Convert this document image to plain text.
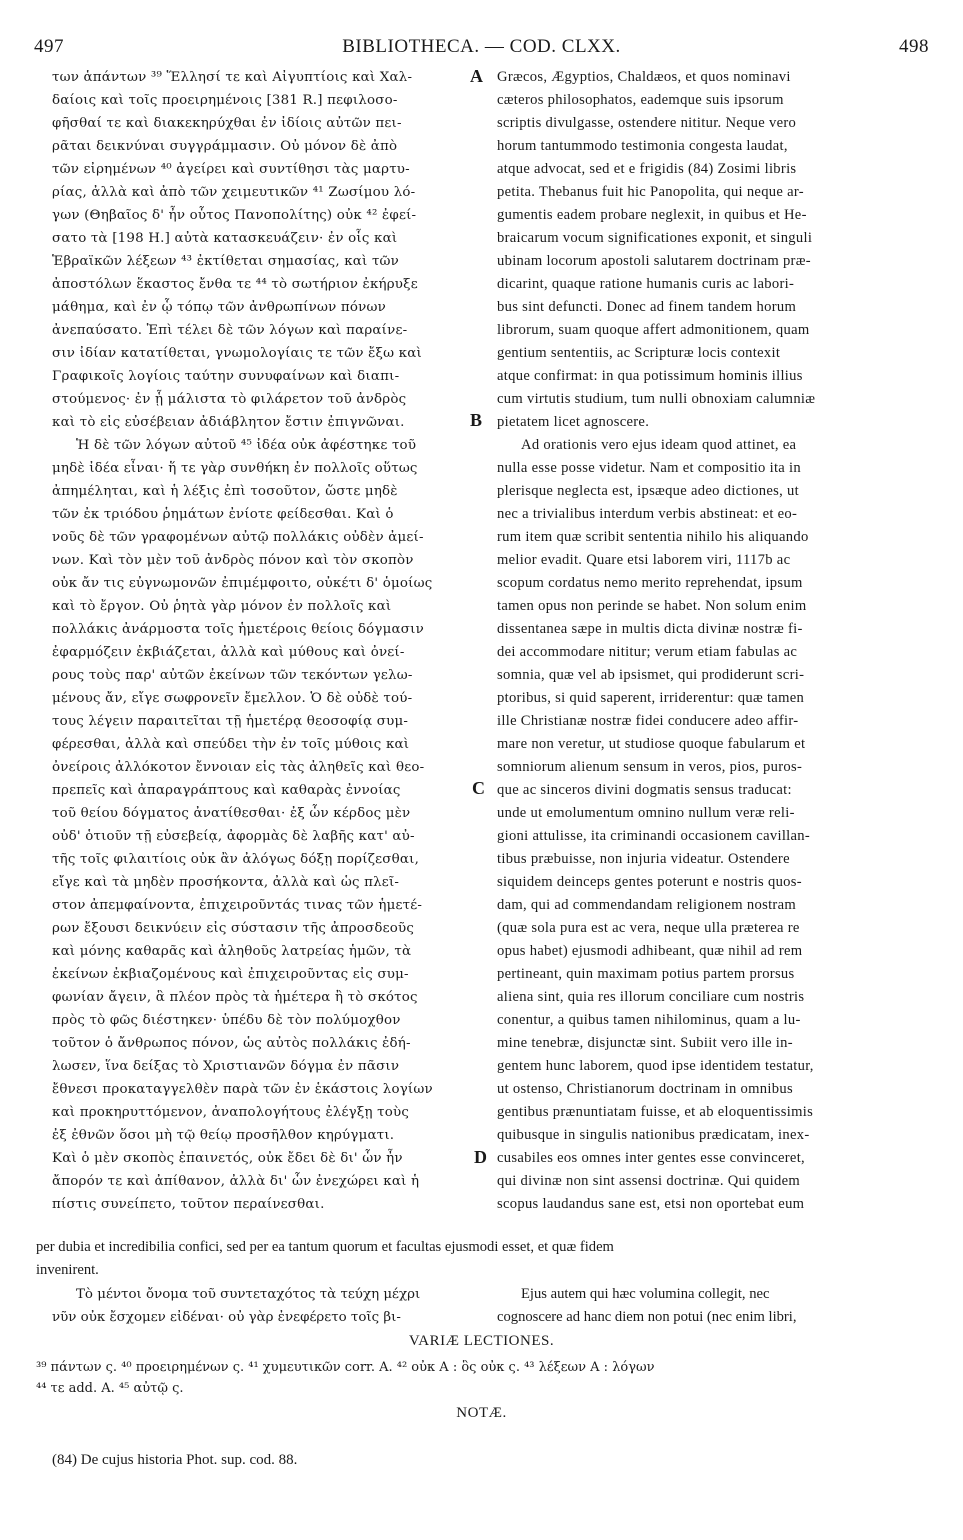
497	BIBLIOTHECA. — COD. CLXX.	498
των ἁπάντων ³⁹ Ἕλλησί τε καὶ Αἰγυπτίοις καὶ Χαλ-
δαίοις καὶ τοῖς προειρημένοις [381 R.] πεφιλοσο-
φῆσθαί τε καὶ διακεκηρύχθαι ἐν ἰδίοις αὐτῶν πει-
ρᾶται δεικνύναι συγγράμμασιν. Οὐ μόνον δὲ ἀπὸ
τῶν εἰρημένων ⁴⁰ ἀγείρει καὶ συντίθησι τὰς μαρτυ-
ρίας, ἀλλὰ καὶ ἀπὸ τῶν χειμευτικῶν ⁴¹ Ζωσίμου λό-
γων (Θηβαῖος δ' ἦν οὗτος Πανοπολίτης) οὐκ ⁴² ἐφεί-
σατο τὰ [198 H.] αὐτὰ κατασκευάζειν· ἐν οἷς καὶ
Ἑβραϊκῶν λέξεων ⁴³ ἐκτίθεται σημασίας, καὶ τῶν
ἀποστόλων ἕκαστος ἔνθα τε ⁴⁴ τὸ σωτήριον ἐκήρυξε
μάθημα, καὶ ἐν ᾧ τόπῳ τῶν ἀνθρωπίνων πόνων
ἀνεπαύσατο. Ἐπὶ τέλει δὲ τῶν λόγων καὶ παραίνε-
σιν ἰδίαν κατατίθεται, γνωμολογίαις τε τῶν ἔξω καὶ
Γραφικοῖς λογίοις ταύτην συνυφαίνων καὶ διαπι-
στούμενος· ἐν ᾗ μάλιστα τὸ φιλάρετον τοῦ ἀνδρὸς
καὶ τὸ εἰς εὐσέβειαν ἀδιάβλητον ἔστιν ἐπιγνῶναι.
Ἡ δὲ τῶν λόγων αὐτοῦ ⁴⁵ ἰδέα οὐκ ἀφέστηκε τοῦ
μηδὲ ἰδέα εἶναι· ἥ τε γὰρ συνθήκη ἐν πολλοῖς οὕτως
ἀπημέληται, καὶ ἡ λέξις ἐπὶ τοσοῦτον, ὥστε μηδὲ
τῶν ἐκ τριόδου ῥημάτων ἐνίοτε φείδεσθαι. Καὶ ὁ
νοῦς δὲ τῶν γραφομένων αὐτῷ πολλάκις οὐδὲν ἀμεί-
νων. Καὶ τὸν μὲν τοῦ ἀνδρὸς πόνον καὶ τὸν σκοπὸν
οὐκ ἄν τις εὐγνωμονῶν ἐπιμέμφοιτο, οὐκέτι δ' ὁμοίως
καὶ τὸ ἔργον. Οὐ ῥητὰ γὰρ μόνον ἐν πολλοῖς καὶ
πολλάκις ἀνάρμοστα τοῖς ἡμετέροις θείοις δόγμασιν
ἐφαρμόζειν ἐκβιάζεται, ἀλλὰ καὶ μύθους καὶ ὀνεί-
ρους τοὺς παρ' αὐτῶν ἐκείνων τῶν τεκόντων γελω-
μένους ἄν, εἴγε σωφρονεῖν ἔμελλον. Ὁ δὲ οὐδὲ τού-
τους λέγειν παραιτεῖται τῇ ἡμετέρᾳ θεοσοφίᾳ συμ-
φέρεσθαι, ἀλλὰ καὶ σπεύδει τὴν ἐν τοῖς μύθοις καὶ
ὀνείροις ἀλλόκοτον ἔννοιαν εἰς τὰς ἀληθεῖς καὶ θεο-
πρεπεῖς καὶ ἀπαραγράπτους καὶ καθαρὰς ἐννοίας
τοῦ θείου δόγματος ἀνατίθεσθαι· ἐξ ὧν κέρδος μὲν
οὐδ' ὁτιοῦν τῇ εὐσεβείᾳ, ἀφορμὰς δὲ λαβῆς κατ' αὐ-
τῆς τοῖς φιλαιτίοις οὐκ ἂν ἀλόγως δόξῃ πορίζεσθαι,
εἴγε καὶ τὰ μηδὲν προσήκοντα, ἀλλὰ καὶ ὡς πλεῖ-
στον ἀπεμφαίνοντα, ἐπιχειροῦντάς τινας τῶν ἡμετέ-
ρων ἔξουσι δεικνύειν εἰς σύστασιν τῆς ἀπροσδεοῦς
καὶ μόνης καθαρᾶς καὶ ἀληθοῦς λατρείας ἡμῶν, τὰ
ἐκείνων ἐκβιαζομένους καὶ ἐπιχειροῦντας εἰς συμ-
φωνίαν ἄγειν, ἃ πλέον πρὸς τὰ ἡμέτερα ἢ τὸ σκότος
πρὸς τὸ φῶς διέστηκεν· ὑπέδυ δὲ τὸν πολύμοχθον
τοῦτον ὁ ἄνθρωπος πόνον, ὡς αὐτὸς πολλάκις ἐδή-
λωσεν, ἵνα δείξας τὸ Χριστιανῶν δόγμα ἐν πᾶσιν
ἔθνεσι προκαταγγελθὲν παρὰ τῶν ἐν ἑκάστοις λογίων
καὶ προκηρυττόμενον, ἀναπολογήτους ἐλέγξῃ τοὺς
ἐξ ἐθνῶν ὅσοι μὴ τῷ θείῳ προσῆλθον κηρύγματι.
Καὶ ὁ μὲν σκοπὸς ἐπαινετός, οὐκ ἔδει δὲ δι' ὧν ἦν
ἄπορόν τε καὶ ἀπίθανον, ἀλλὰ δι' ὧν ἐνεχώρει καὶ ἡ
πίστις συνείπετο, τοῦτον περαίνεσθαι.
Græcos, Ægyptios, Chaldæos, et quos nominavi
cæteros philosophatos, eademque suis ipsorum
scriptis divulgasse, ostendere nititur. Neque vero
horum tantummodo testimonia congesta laudat,
atque advocat, sed et e frigidis (84) Zosimi libris
petita. Thebanus fuit hic Panopolita, qui neque ar-
gumentis eadem probare neglexit, in quibus et He-
braicarum vocum significationes exponit, et singuli
ubinam locorum apostoli salutarem doctrinam præ-
dicarint, quaque ratione humanis curis ac labori-
bus sint defuncti. Donec ad finem tandem horum
librorum, suam quoque affert admonitionem, quam
gentium sententiis, ac Scripturæ locis contexit
atque confirmat: in qua potissimum hominis illius
cum virtutis studium, tum nulli obnoxiam calumniæ
pietatem licet agnoscere.
Ad orationis vero ejus ideam quod attinet, ea
nulla esse posse videtur. Nam et compositio ita in
plerisque neglecta est, ipsæque adeo dictiones, ut
nec a trivialibus interdum verbis abstineat: et eo-
rum item quæ scribit sententia nihilo his aliquando
melior evadit. Quare etsi laborem viri, 1117b ac
scopum cordatus nemo merito reprehendat, ipsum
tamen opus non perinde se habet. Non solum enim
dissentanea sæpe in multis dicta divinæ nostræ fi-
dei accommodare nititur; verum etiam fabulas ac
somnia, quæ vel ab ipsismet, qui prodiderunt scri-
ptoribus, si quid saperent, irriderentur: quæ tamen
ille Christianæ nostræ fidei conducere adeo affir-
mare non veretur, ut studiose quoque fabularum et
somniorum alienum sensum in veros, pios, puros-
que ac sinceros divini dogmatis sensus traducat:
unde ut emolumentum omnino nullum veræ reli-
gioni attulisse, ita criminandi occasionem cavillan-
tibus præbuisse, non injuria videatur. Ostendere
siquidem deinceps gentes poterunt e nostris quos-
dam, qui ad commendandam religionem nostram
(quæ sola pura est ac vera, neque ulla præterea re
opus habet) ejusmodi adhibeant, quæ nihil ad rem
pertineant, quin maximam potius partem prorsus
aliena sint, quia res illorum conciliare cum nostris
conentur, a quibus tamen nihilominus, quam a lu-
mine tenebræ, disjunctæ sint. Subiit vero ille in-
gentem hunc laborem, quod ipse identidem testatur,
ut ostenso, Christianorum doctrinam in omnibus
gentibus prænuntiatam fuisse, et ab eloquentissimis
quibusque in singulis nationibus prædicatam, inex-
cusabiles eos omnes inter gentes esse convinceret,
qui divinæ non sint assensi doctrinæ. Qui quidem
scopus laudandus sane est, etsi non oportebat eum
A
B
C
D
per dubia et incredibilia confici, sed per ea tantum quorum et facultas ejusmodi esset, et quæ fidem
invenirent.
Τὸ μέντοι ὄνομα τοῦ συντεταχότος τὰ τεύχη μέχρι
νῦν οὐκ ἔσχομεν εἰδέναι· οὐ γὰρ ἐνεφέρετο τοῖς βι-
Ejus autem qui hæc volumina collegit, nec
cognoscere ad hanc diem non potui (nec enim libri,
VARIÆ LECTIONES.
³⁹ πάντων ς. ⁴⁰ προειρημένων ς. ⁴¹ χυμευτικῶν corr. A. ⁴² οὐκ A : ὃς οὐκ ς. ⁴³ λέξεων A : λόγων
⁴⁴ τε add. A. ⁴⁵ αὐτῷ ς.
NOTÆ.
(84) De cujus historia Phot. sup. cod. 88.
